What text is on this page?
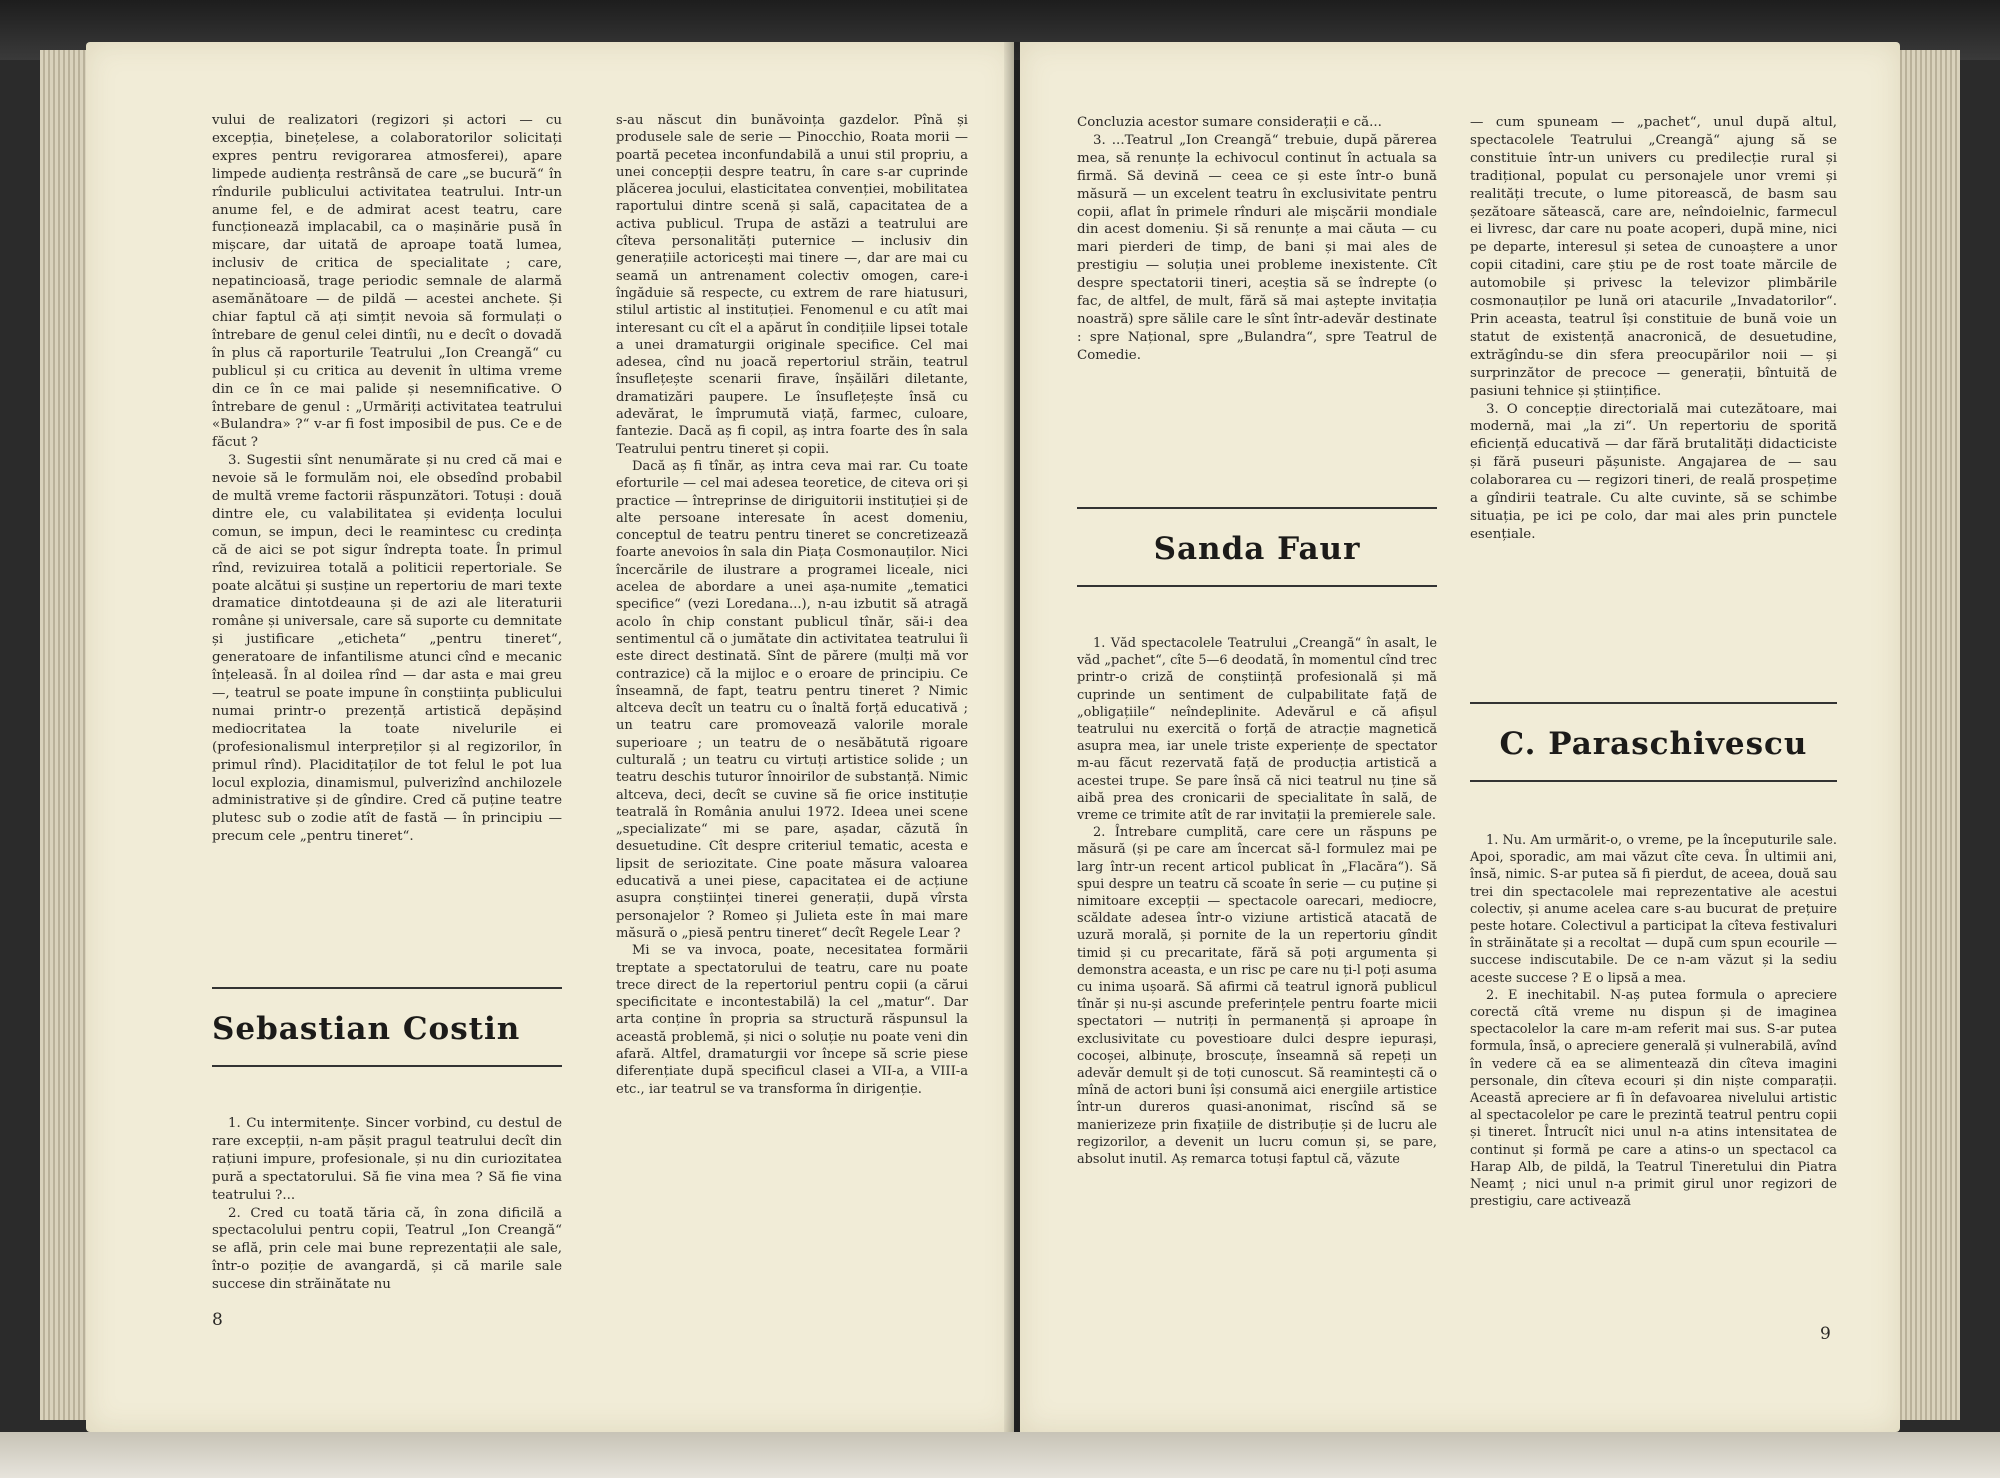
vului de realizatori (regizori și actori — cu excepția, binețelese, a colaboratorilor solicitați expres pentru revigorarea atmosferei), apare limpede audiența restrânsă de care „se bucură“ în rîndurile publicului activitatea teatrului. Intr-un anume fel, e de admirat acest teatru, care funcționează implacabil, ca o mașinărie pusă în mișcare, dar uitată de aproape toată lumea, inclusiv de critica de specialitate ; care, nepatincioasă, trage periodic semnale de alarmă asemănătoare — de pildă — acestei anchete. Și chiar faptul că ați simțit nevoia să formulați o întrebare de genul celei dintîi, nu e decît o dovadă în plus că raporturile Teatrului „Ion Creangă“ cu publicul și cu critica au devenit în ultima vreme din ce în ce mai palide și nesemnificative. O întrebare de genul : „Urmăriți activitatea teatrului «Bulandra» ?“ v-ar fi fost imposibil de pus. Ce e de făcut ?

3. Sugestii sînt nenumărate și nu cred că mai e nevoie să le formulăm noi, ele obsedînd probabil de multă vreme factorii răspunzători. Totuși : două dintre ele, cu valabilitatea și evidența locului comun, se impun, deci le reamintesc cu credința că de aici se pot sigur îndrepta toate. În primul rînd, revizuirea totală a politicii repertoriale. Se poate alcătui și susține un repertoriu de mari texte dramatice dintotdeauna și de azi ale literaturii române și universale, care să suporte cu demnitate și justificare „eticheta“ „pentru tineret“, generatoare de infantilisme atunci cînd e mecanic înțeleasă. În al doilea rînd — dar asta e mai greu —, teatrul se poate impune în conștiința publicului numai printr-o prezență artistică depășind mediocritatea la toate nivelurile ei (profesionalismul interpreților și al regizorilor, în primul rînd). Placiditaților de tot felul le pot lua locul explozia, dinamismul, pulverizînd anchilozele administrative și de gîndire. Cred că puține teatre plutesc sub o zodie atît de fastă — în principiu — precum cele „pentru tineret“.

Sebastian Costin

1. Cu intermitențe. Sincer vorbind, cu destul de rare excepții, n-am pășit pragul teatrului decît din rațiuni impure, profesionale, și nu din curiozitatea pură a spectatorului. Să fie vina mea ? Să fie vina teatrului ?...

2. Cred cu toată tăria că, în zona dificilă a spectacolului pentru copii, Teatrul „Ion Creangă“ se află, prin cele mai bune reprezentații ale sale, într-o poziție de avangardă, și că marile sale succese din străinătate nu

s-au născut din bunăvoința gazdelor. Pînă și produsele sale de serie — Pinocchio, Roata morii — poartă pecetea inconfundabilă a unui stil propriu, a unei concepții despre teatru, în care s-ar cuprinde plăcerea jocului, elasticitatea convenției, mobilitatea raportului dintre scenă și sală, capacitatea de a activa publicul. Trupa de astăzi a teatrului are cîteva personalități puternice — inclusiv din generațiile actoricești mai tinere —, dar are mai cu seamă un antrenament colectiv omogen, care-i îngăduie să respecte, cu extrem de rare hiatusuri, stilul artistic al instituției. Fenomenul e cu atît mai interesant cu cît el a apărut în condițiile lipsei totale a unei dramaturgii originale specifice. Cel mai adesea, cînd nu joacă repertoriul străin, teatrul însuflețește scenarii firave, înșăilări diletante, dramatizări paupere. Le însuflețește însă cu adevărat, le împrumută viață, farmec, culoare, fantezie. Dacă aș fi copil, aș intra foarte des în sala Teatrului pentru tineret și copii.

Dacă aș fi tînăr, aș intra ceva mai rar. Cu toate eforturile — cel mai adesea teoretice, de citeva ori și practice — întreprinse de diriguitorii instituției și de alte persoane interesate în acest domeniu, conceptul de teatru pentru tineret se concretizează foarte anevoios în sala din Piața Cosmonauților. Nici încercările de ilustrare a programei liceale, nici acelea de abordare a unei așa-numite „tematici specifice“ (vezi Loredana...), n-au izbutit să atragă acolo în chip constant publicul tînăr, săi-i dea sentimentul că o jumătate din activitatea teatrului îi este direct destinată. Sînt de părere (mulți mă vor contrazice) că la mijloc e o eroare de principiu. Ce înseamnă, de fapt, teatru pentru tineret ? Nimic altceva decît un teatru cu o înaltă forță educativă ; un teatru care promovează valorile morale superioare ; un teatru de o nesăbătută rigoare culturală ; un teatru cu virtuți artistice solide ; un teatru deschis tuturor înnoirilor de substanță. Nimic altceva, deci, decît se cuvine să fie orice instituție teatrală în România anului 1972. Ideea unei scene „specializate“ mi se pare, așadar, căzută în desuetudine. Cît despre criteriul tematic, acesta e lipsit de seriozitate. Cine poate măsura valoarea educativă a unei piese, capacitatea ei de acțiune asupra conștiinței tinerei generații, după vîrsta personajelor ? Romeo și Julieta este în mai mare măsură o „piesă pentru tineret“ decît Regele Lear ?

Mi se va invoca, poate, necesitatea formării treptate a spectatorului de teatru, care nu poate trece direct de la repertoriul pentru copii (a cărui specificitate e incontestabilă) la cel „matur“. Dar arta conține în propria sa structură răspunsul la această problemă, și nici o soluție nu poate veni din afară. Altfel, dramaturgii vor începe să scrie piese diferențiate după specificul clasei a VII-a, a VIII-a etc., iar teatrul se va transforma în dirigenție.

8

Concluzia acestor sumare considerații e că...

3. ...Teatrul „Ion Creangă“ trebuie, după părerea mea, să renunțe la echivocul continut în actuala sa firmă. Să devină — ceea ce și este într-o bună măsură — un excelent teatru în exclusivitate pentru copii, aflat în primele rînduri ale mișcării mondiale din acest domeniu. Și să renunțe a mai căuta — cu mari pierderi de timp, de bani și mai ales de prestigiu — soluția unei probleme inexistente. Cît despre spectatorii tineri, aceștia să se îndrepte (o fac, de altfel, de mult, fără să mai aștepte invitația noastră) spre sălile care le sînt într-adevăr destinate : spre Național, spre „Bulandra“, spre Teatrul de Comedie.

Sanda Faur

1. Văd spectacolele Teatrului „Creangă“ în asalt, le văd „pachet“, cîte 5—6 deodată, în momentul cînd trec printr-o criză de conștiință profesională și mă cuprinde un sentiment de culpabilitate față de „obligațiile“ neîndeplinite. Adevărul e că afișul teatrului nu exercită o forță de atracție magnetică asupra mea, iar unele triste experiențe de spectator m-au făcut rezervată față de producția artistică a acestei trupe. Se pare însă că nici teatrul nu ține să aibă prea des cronicarii de specialitate în sală, de vreme ce trimite atît de rar invitații la premierele sale.

2. Întrebare cumplită, care cere un răspuns pe măsură (și pe care am încercat să-l formulez mai pe larg într-un recent articol publicat în „Flacăra“). Să spui despre un teatru că scoate în serie — cu puține și nimitoare excepții — spectacole oarecari, mediocre, scăldate adesea într-o viziune artistică atacată de uzură morală, și pornite de la un repertoriu gîndit timid și cu precaritate, fără să poți argumenta și demonstra aceasta, e un risc pe care nu ți-l poți asuma cu inima ușoară. Să afirmi că teatrul ignoră publicul tînăr și nu-și ascunde preferințele pentru foarte micii spectatori — nutriți în permanență și aproape în exclusivitate cu povestioare dulci despre iepurași, cocoșei, albinuțe, broscuțe, înseamnă să repeți un adevăr demult și de toți cunoscut. Să reamintești că o mînă de actori buni își consumă aici energiile artistice într-un dureros quasi-anonimat, riscînd să se manierizeze prin fixațiile de distribuție și de lucru ale regizorilor, a devenit un lucru comun și, se pare, absolut inutil. Aș remarca totuși faptul că, văzute

— cum spuneam — „pachet“, unul după altul, spectacolele Teatrului „Creangă“ ajung să se constituie într-un univers cu predilecție rural și tradițional, populat cu personajele unor vremi și realități trecute, o lume pitorească, de basm sau șezătoare sătească, care are, neîndoielnic, farmecul ei livresc, dar care nu poate acoperi, după mine, nici pe departe, interesul și setea de cunoaștere a unor copii citadini, care știu pe de rost toate mărcile de automobile și privesc la televizor plimbările cosmonauților pe lună ori atacurile „Invadatorilor“. Prin aceasta, teatrul își constituie de bună voie un statut de existență anacronică, de desuetudine, extrăgîndu-se din sfera preocupărilor noii — și surprinzător de precoce — generații, bîntuită de pasiuni tehnice și științifice.

3. O concepție directorială mai cutezătoare, mai modernă, mai „la zi“. Un repertoriu de sporită eficiență educativă — dar fără brutalități didacticiste și fără puseuri pășuniste. Angajarea de — sau colaborarea cu — regizori tineri, de reală prospețime a gîndirii teatrale. Cu alte cuvinte, să se schimbe situația, pe ici pe colo, dar mai ales prin punctele esențiale.

C. Paraschivescu

1. Nu. Am urmărit-o, o vreme, pe la începuturile sale. Apoi, sporadic, am mai văzut cîte ceva. În ultimii ani, însă, nimic. S-ar putea să fi pierdut, de aceea, două sau trei din spectacolele mai reprezentative ale acestui colectiv, și anume acelea care s-au bucurat de prețuire peste hotare. Colectivul a participat la cîteva festivaluri în străinătate și a recoltat — după cum spun ecourile — succese indiscutabile. De ce n-am văzut și la sediu aceste succese ? E o lipsă a mea.

2. E inechitabil. N-aș putea formula o apreciere corectă cîtă vreme nu dispun și de imaginea spectacolelor la care m-am referit mai sus. S-ar putea formula, însă, o apreciere generală și vulnerabilă, avînd în vedere că ea se alimentează din cîteva imagini personale, din cîteva ecouri și din niște comparații. Această apreciere ar fi în defavoarea nivelului artistic al spectacolelor pe care le prezintă teatrul pentru copii și tineret. Întrucît nici unul n-a atins intensitatea de continut și formă pe care a atins-o un spectacol ca Harap Alb, de pildă, la Teatrul Tineretului din Piatra Neamț ; nici unul n-a primit girul unor regizori de prestigiu, care activează

9
